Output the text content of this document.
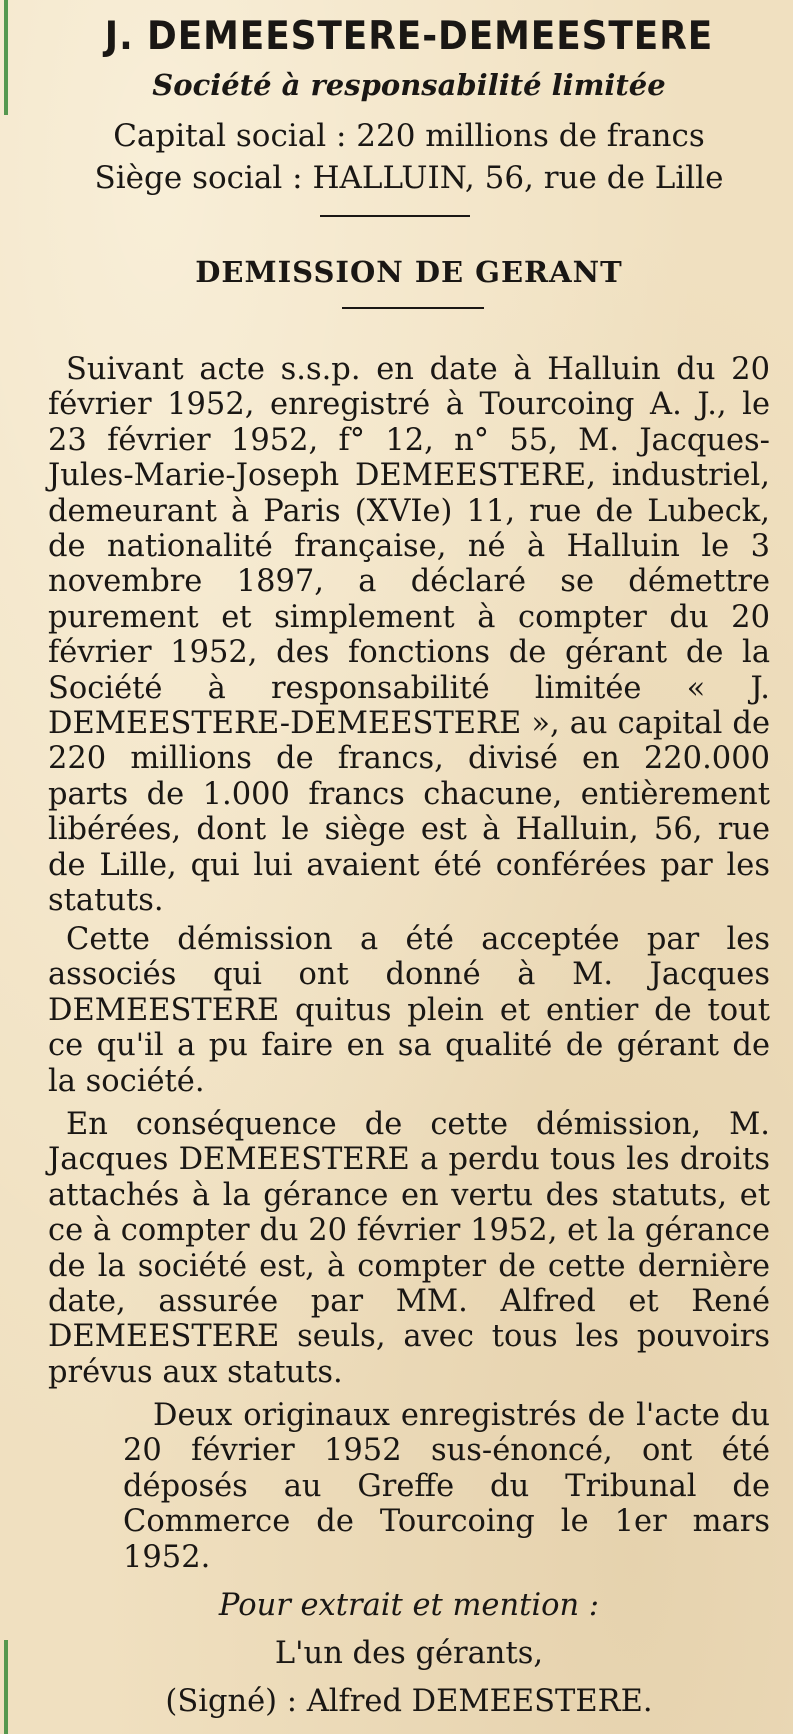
J. DEMEESTERE-DEMEESTERE
Société à responsabilité limitée
Capital social : 220 millions de francs
Siège social : HALLUIN, 56, rue de Lille
DEMISSION DE GERANT

Suivant acte s.s.p. en date à Halluin du 20 février 1952, enregistré à Tourcoing A. J., le 23 février 1952, f° 12, n° 55, M. Jacques-Jules-Marie-Joseph DEMEESTERE, industriel, demeurant à Paris (XVIe) 11, rue de Lubeck, de nationalité française, né à Halluin le 3 novembre 1897, a déclaré se démettre purement et simplement à compter du 20 février 1952, des fonctions de gérant de la Société à responsabilité limitée « J. DEMEESTERE-DEMEESTERE », au capital de 220 millions de francs, divisé en 220.000 parts de 1.000 francs chacune, entièrement libérées, dont le siège est à Halluin, 56, rue de Lille, qui lui avaient été conférées par les statuts.

Cette démission a été acceptée par les associés qui ont donné à M. Jacques DEMEESTERE quitus plein et entier de tout ce qu'il a pu faire en sa qualité de gérant de la société.

En conséquence de cette démission, M. Jacques DEMEESTERE a perdu tous les droits attachés à la gérance en vertu des statuts, et ce à compter du 20 février 1952, et la gérance de la société est, à compter de cette dernière date, assurée par MM. Alfred et René DEMEESTERE seuls, avec tous les pouvoirs prévus aux statuts.

Deux originaux enregistrés de l'acte du 20 février 1952 sus-énoncé, ont été déposés au Greffe du Tribunal de Commerce de Tourcoing le 1er mars 1952.

Pour extrait et mention :
L'un des gérants,
(Signé) : Alfred DEMEESTERE.
